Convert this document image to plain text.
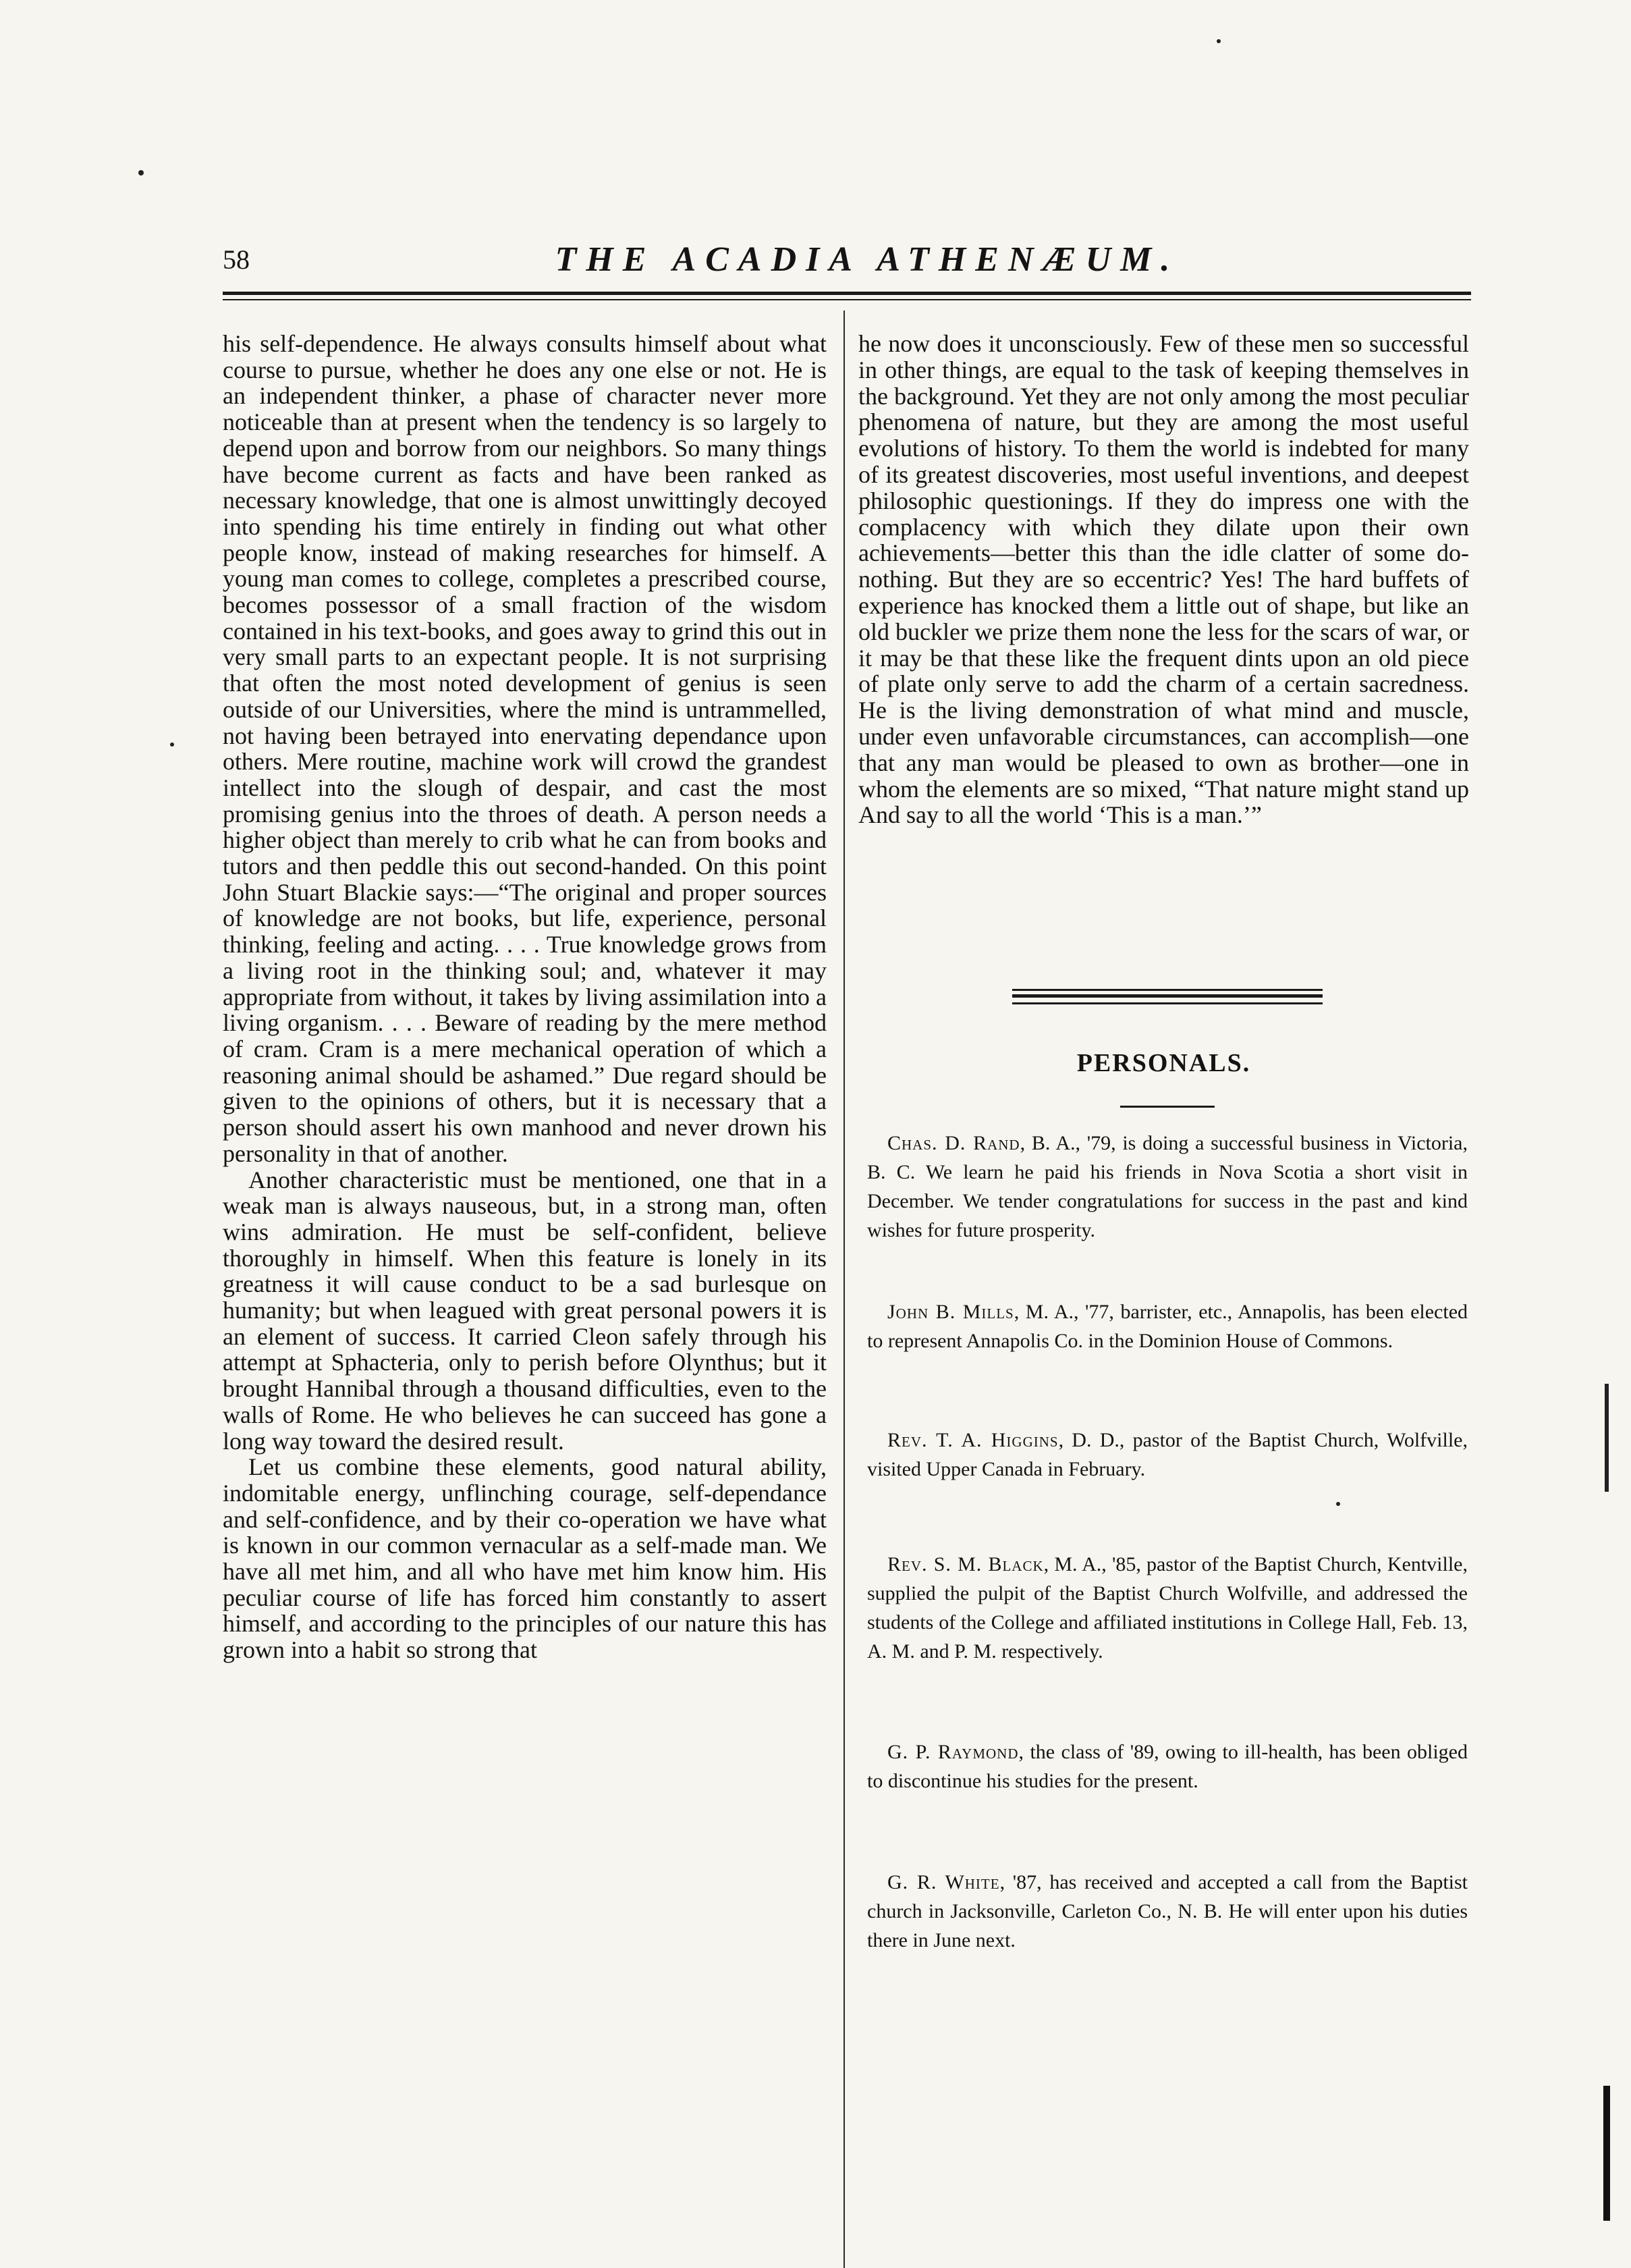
58	THE ACADIA ATHENÆUM.

his self-dependence. He always consults himself about what course to pursue, whether he does any one else or not. He is an independent thinker, a phase of character never more noticeable than at present when the tendency is so largely to depend upon and borrow from our neighbors. So many things have become current as facts and have been ranked as necessary knowledge, that one is almost unwittingly decoyed into spending his time entirely in finding out what other people know, instead of making researches for himself. A young man comes to college, completes a prescribed course, becomes possessor of a small fraction of the wisdom contained in his text-books, and goes away to grind this out in very small parts to an expectant people. It is not surprising that often the most noted development of genius is seen outside of our Universities, where the mind is untrammelled, not having been betrayed into enervating dependance upon others. Mere routine, machine work will crowd the grandest intellect into the slough of despair, and cast the most promising genius into the throes of death. A person needs a higher object than merely to crib what he can from books and tutors and then peddle this out second-handed. On this point John Stuart Blackie says:—“The original and proper sources of knowledge are not books, but life, experience, personal thinking, feeling and acting. . . . True knowledge grows from a living root in the thinking soul; and, whatever it may appropriate from without, it takes by living assimilation into a living organism. . . . Beware of reading by the mere method of cram. Cram is a mere mechanical operation of which a reasoning animal should be ashamed.” Due regard should be given to the opinions of others, but it is necessary that a person should assert his own manhood and never drown his personality in that of another.

Another characteristic must be mentioned, one that in a weak man is always nauseous, but, in a strong man, often wins admiration. He must be self-confident, believe thoroughly in himself. When this feature is lonely in its greatness it will cause conduct to be a sad burlesque on humanity; but when leagued with great personal powers it is an element of success. It carried Cleon safely through his attempt at Sphacteria, only to perish before Olynthus; but it brought Hannibal through a thousand difficulties, even to the walls of Rome. He who believes he can succeed has gone a long way toward the desired result.

Let us combine these elements, good natural ability, indomitable energy, unflinching courage, self-dependance and self-confidence, and by their co-operation we have what is known in our common vernacular as a self-made man. We have all met him, and all who have met him know him. His peculiar course of life has forced him constantly to assert himself, and according to the principles of our nature this has grown into a habit so strong that

he now does it unconsciously. Few of these men so successful in other things, are equal to the task of keeping themselves in the background. Yet they are not only among the most peculiar phenomena of nature, but they are among the most useful evolutions of history. To them the world is indebted for many of its greatest discoveries, most useful inventions, and deepest philosophic questionings. If they do impress one with the complacency with which they dilate upon their own achievements—better this than the idle clatter of some do-nothing. But they are so eccentric? Yes! The hard buffets of experience has knocked them a little out of shape, but like an old buckler we prize them none the less for the scars of war, or it may be that these like the frequent dints upon an old piece of plate only serve to add the charm of a certain sacredness. He is the living demonstration of what mind and muscle, under even unfavorable circumstances, can accomplish—one that any man would be pleased to own as brother—one in whom the elements are so mixed, “That nature might stand up And say to all the world ‘This is a man.’”

PERSONALS.

Chas. D. Rand, B. A., '79, is doing a successful business in Victoria, B. C. We learn he paid his friends in Nova Scotia a short visit in December. We tender congratulations for success in the past and kind wishes for future prosperity.

John B. Mills, M. A., '77, barrister, etc., Annapolis, has been elected to represent Annapolis Co. in the Dominion House of Commons.

Rev. T. A. Higgins, D. D., pastor of the Baptist Church, Wolfville, visited Upper Canada in February.

Rev. S. M. Black, M. A., '85, pastor of the Baptist Church, Kentville, supplied the pulpit of the Baptist Church Wolfville, and addressed the students of the College and affiliated institutions in College Hall, Feb. 13, A. M. and P. M. respectively.

G. P. Raymond, the class of '89, owing to ill-health, has been obliged to discontinue his studies for the present.

G. R. White, '87, has received and accepted a call from the Baptist church in Jacksonville, Carleton Co., N. B. He will enter upon his duties there in June next.
